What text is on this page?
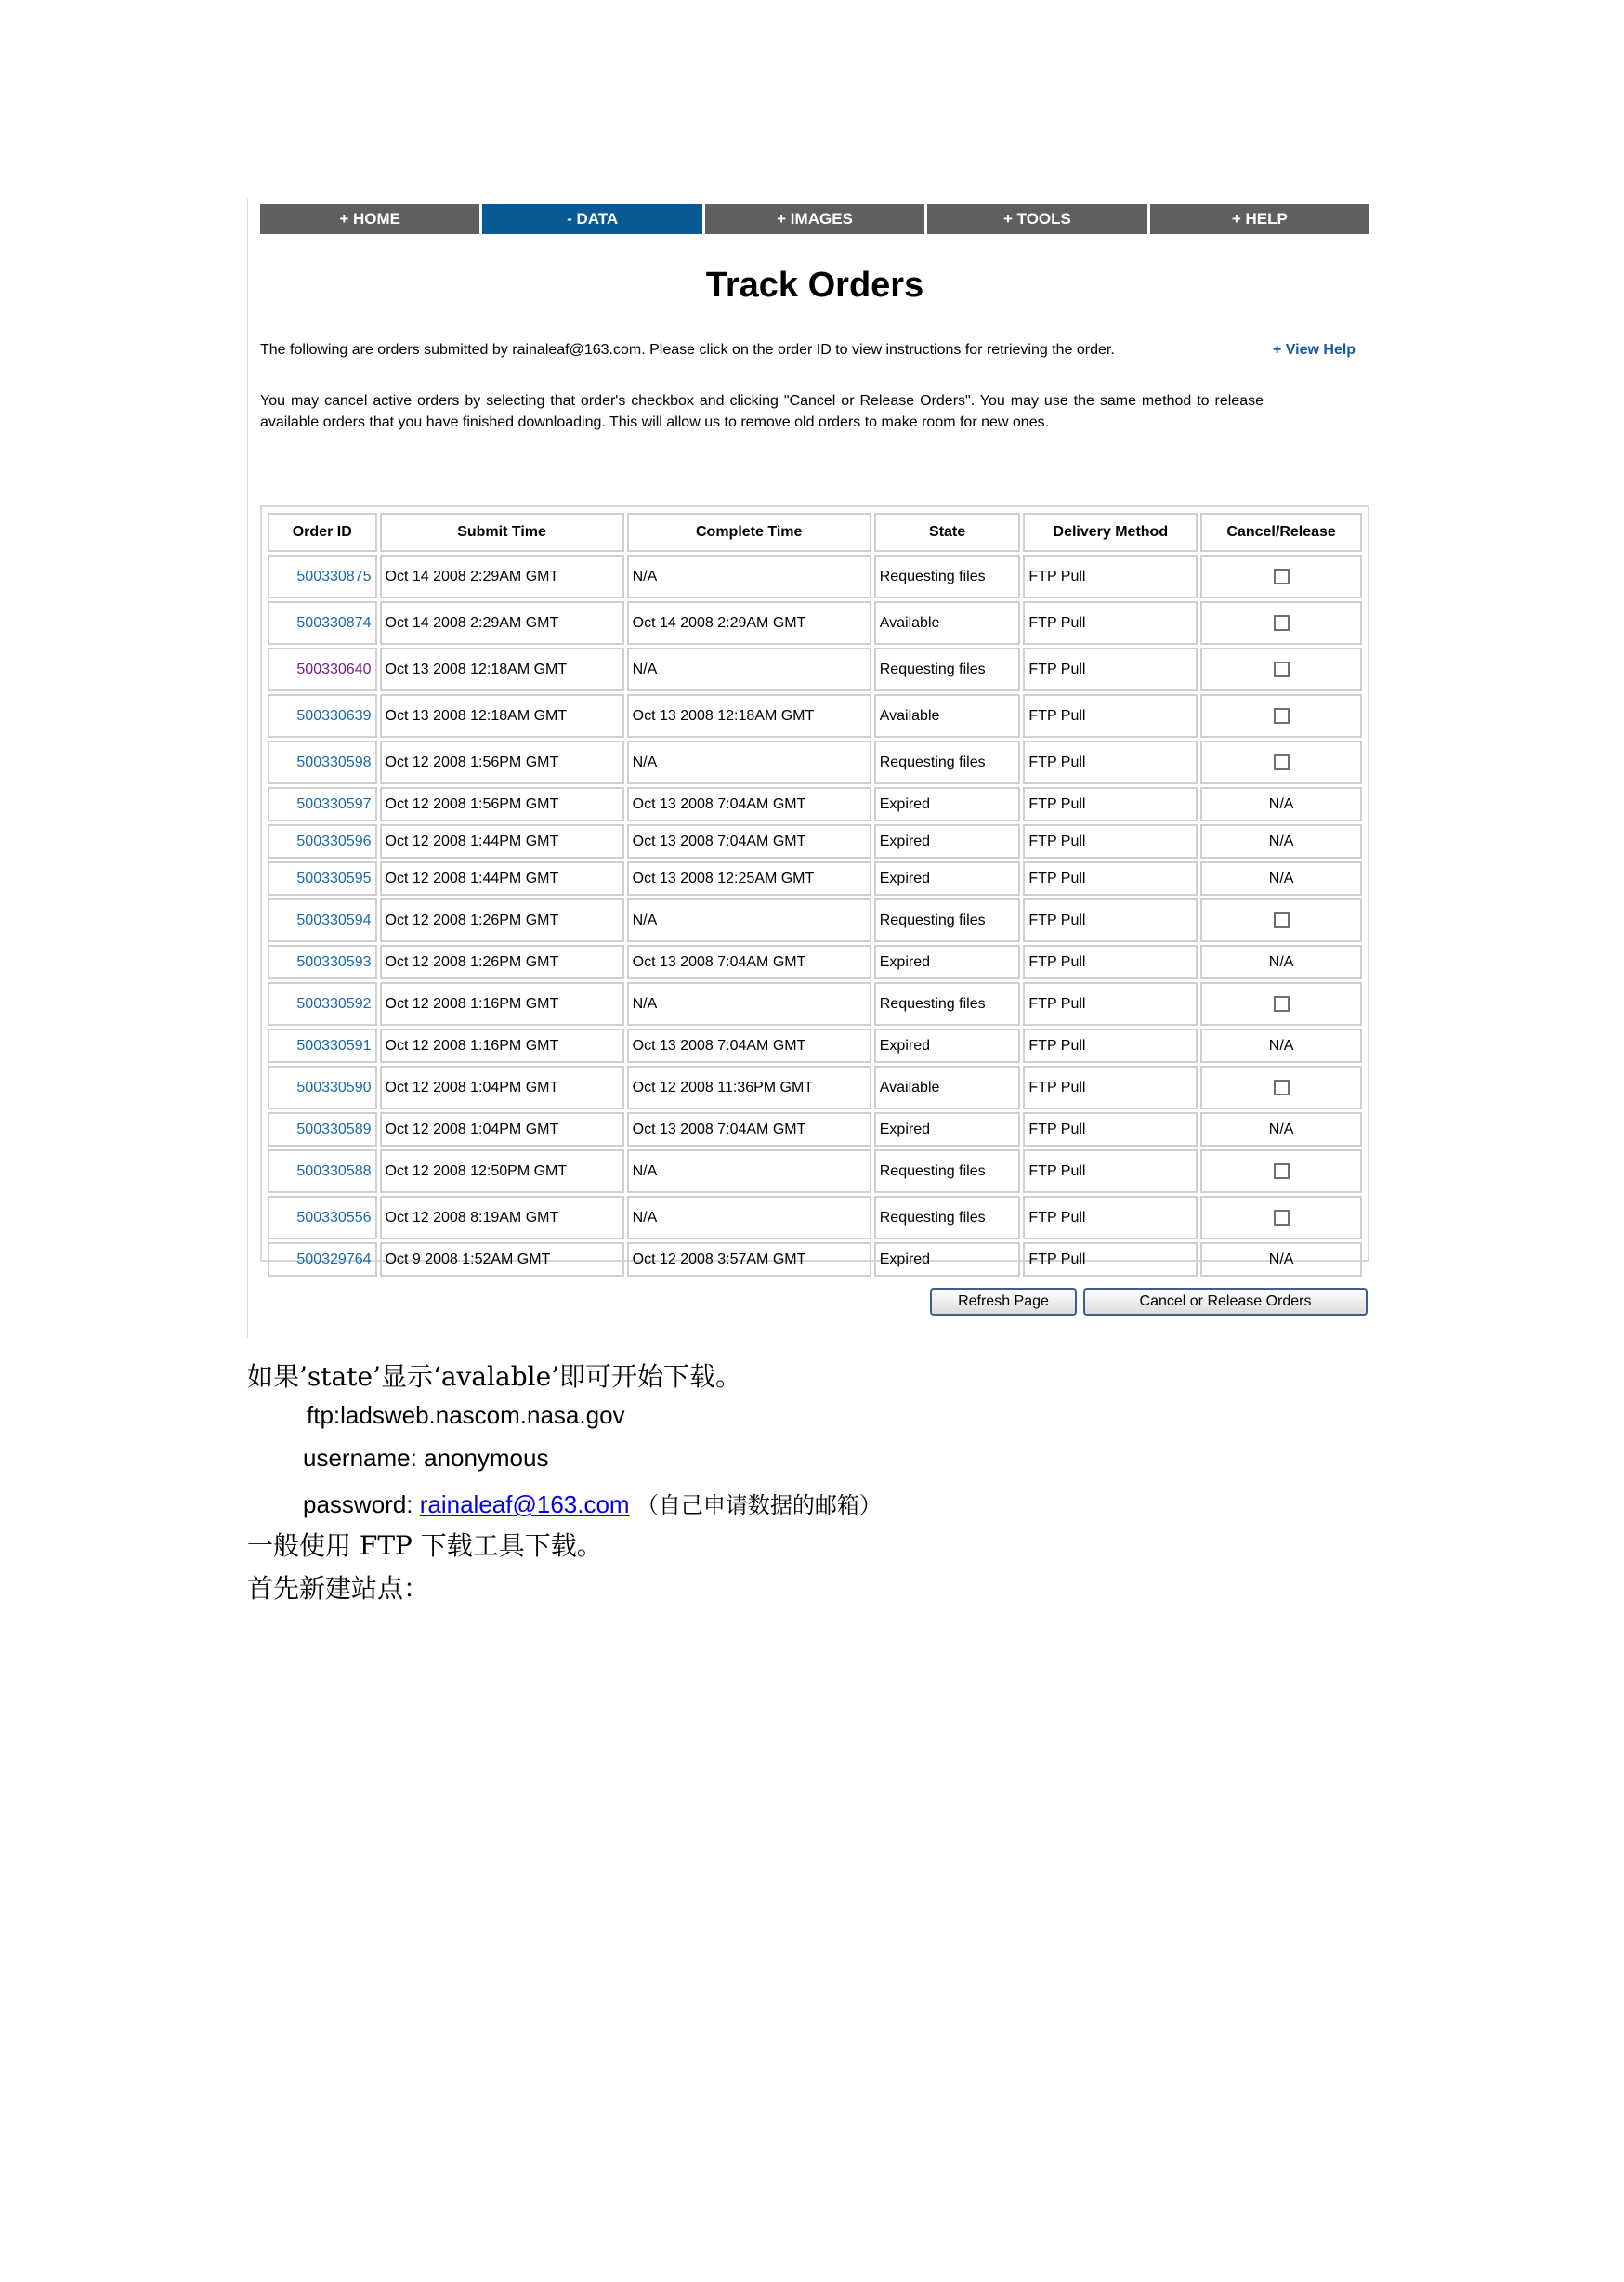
+ HOME	- DATA	+ IMAGES	+ TOOLS	+ HELP
Track Orders
The following are orders submitted by rainaleaf@163.com. Please click on the order ID to view instructions for retrieving the order.	+ View Help
You may cancel active orders by selecting that order's checkbox and clicking "Cancel or Release Orders". You may use the same method to release available orders that you have finished downloading. This will allow us to remove old orders to make room for new ones.
Order ID	Submit Time	Complete Time	State	Delivery Method	Cancel/Release
500330875	Oct 14 2008 2:29AM GMT	N/A	Requesting files	FTP Pull	
500330874	Oct 14 2008 2:29AM GMT	Oct 14 2008 2:29AM GMT	Available	FTP Pull	
500330640	Oct 13 2008 12:18AM GMT	N/A	Requesting files	FTP Pull	
500330639	Oct 13 2008 12:18AM GMT	Oct 13 2008 12:18AM GMT	Available	FTP Pull	
500330598	Oct 12 2008 1:56PM GMT	N/A	Requesting files	FTP Pull	
500330597	Oct 12 2008 1:56PM GMT	Oct 13 2008 7:04AM GMT	Expired	FTP Pull	N/A
500330596	Oct 12 2008 1:44PM GMT	Oct 13 2008 7:04AM GMT	Expired	FTP Pull	N/A
500330595	Oct 12 2008 1:44PM GMT	Oct 13 2008 12:25AM GMT	Expired	FTP Pull	N/A
500330594	Oct 12 2008 1:26PM GMT	N/A	Requesting files	FTP Pull	
500330593	Oct 12 2008 1:26PM GMT	Oct 13 2008 7:04AM GMT	Expired	FTP Pull	N/A
500330592	Oct 12 2008 1:16PM GMT	N/A	Requesting files	FTP Pull	
500330591	Oct 12 2008 1:16PM GMT	Oct 13 2008 7:04AM GMT	Expired	FTP Pull	N/A
500330590	Oct 12 2008 1:04PM GMT	Oct 12 2008 11:36PM GMT	Available	FTP Pull	
500330589	Oct 12 2008 1:04PM GMT	Oct 13 2008 7:04AM GMT	Expired	FTP Pull	N/A
500330588	Oct 12 2008 12:50PM GMT	N/A	Requesting files	FTP Pull	
500330556	Oct 12 2008 8:19AM GMT	N/A	Requesting files	FTP Pull	
500329764	Oct 9 2008 1:52AM GMT	Oct 12 2008 3:57AM GMT	Expired	FTP Pull	N/A
Refresh Page	Cancel or Release Orders
如果’state’显示‘avalable’即可开始下载。
ftp:ladsweb.nascom.nasa.gov
username: anonymous
password: rainaleaf@163.com （自己申请数据的邮箱）
一般使用 FTP 下载工具下载。
首先新建站点：
